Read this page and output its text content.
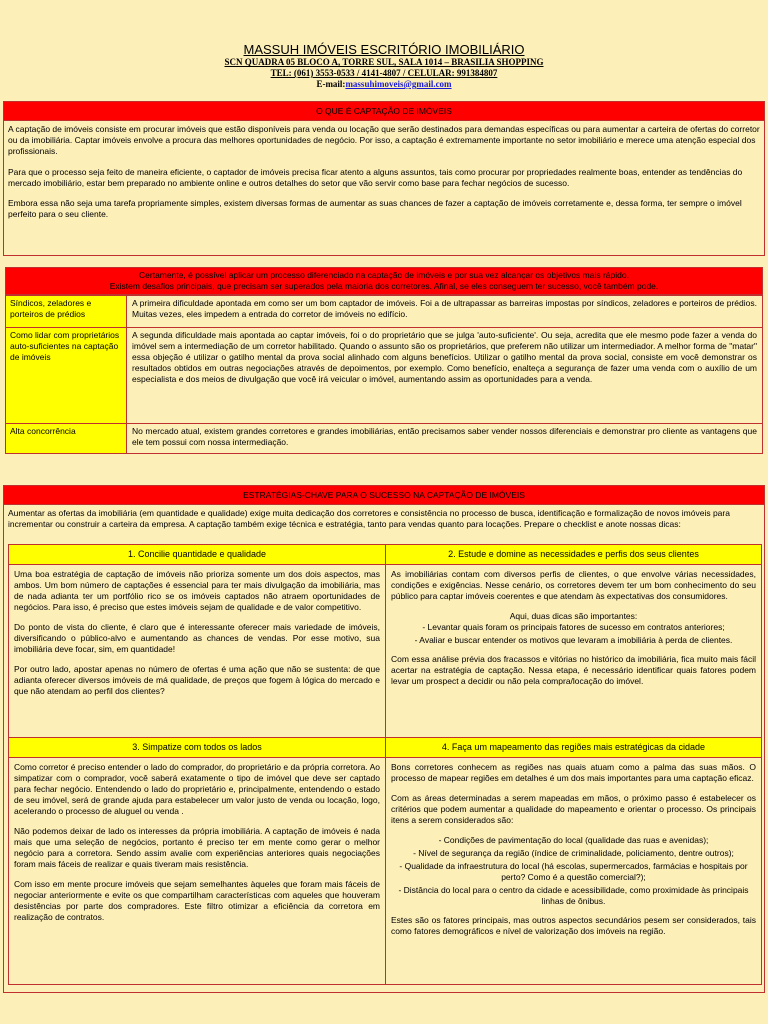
MASSUH IMÓVEIS ESCRITÓRIO IMOBILIÁRIO
SCN QUADRA 05 BLOCO A, TORRE SUL, SALA 1014 – BRASILIA SHOPPING
TEL: (061) 3553-0533 / 4141-4807 / CELULAR: 991384807
E-mail:massuhimoveis@gmail.com
O QUE É CAPTAÇÃO DE IMÓVEIS

A captação de imóveis consiste em procurar imóveis que estão disponíveis para venda ou locação que serão destinados para demandas específicas ou para aumentar a carteira de ofertas do corretor ou da imobiliária. Captar imóveis envolve a procura das melhores oportunidades de negócio. Por isso, a captação é extremamente importante no setor imobiliário e merece uma atenção especial dos profissionais.

Para que o processo seja feito de maneira eficiente, o captador de imóveis precisa ficar atento a alguns assuntos, tais como procurar por propriedades realmente boas, entender as tendências do mercado imobiliário, estar bem preparado no ambiente online e outros detalhes do setor que vão servir como base para fechar negócios de sucesso.

Embora essa não seja uma tarefa propriamente simples, existem diversas formas de aumentar as suas chances de fazer a captação de imóveis corretamente e, dessa forma, ter sempre o imóvel perfeito para o seu cliente.

Certamente, é possível aplicar um processo diferenciado na captação de imóveis e por sua vez alcançar os objetivos mais rápido.
Existem desafios principais, que precisam ser superados pela maioria dos corretores. Afinal, se eles conseguem ter sucesso, você também pode.
Síndicos, zeladores e porteiros de prédios
A primeira dificuldade apontada em como ser um bom captador de imóveis. Foi a de ultrapassar as barreiras impostas por síndicos, zeladores e porteiros de prédios. Muitas vezes, eles impedem a entrada do corretor de imóveis no edifício.
Como lidar com proprietários auto-suficientes na captação de imóveis
A segunda dificuldade mais apontada ao captar imóveis, foi o do proprietário que se julga 'auto-suficiente'. Ou seja, acredita que ele mesmo pode fazer a venda do imóvel sem a intermediação de um corretor habilitado. Quando o assunto são os proprietários, que preferem não utilizar um intermediador. A melhor forma de "matar" essa objeção é utilizar o gatilho mental da prova social alinhado com alguns benefícios. Utilizar o gatilho mental da prova social, consiste em você demonstrar os resultados obtidos em outras negociações através de depoimentos, por exemplo. Como benefício, enalteça a segurança de fazer uma venda com o auxílio de um especialista e dos meios de divulgação que você irá veicular o imóvel, aumentando assim as oportunidades para a venda.
Alta concorrência	No mercado atual, existem grandes corretores e grandes imobiliárias, então precisamos saber vender nossos diferenciais e demonstrar pro cliente as vantagens que ele tem possui com nossa intermediação.
ESTRATÉGIAS-CHAVE PARA O SUCESSO NA CAPTAÇÃO DE IMÓVEIS
Aumentar as ofertas da imobiliária (em quantidade e qualidade) exige muita dedicação dos corretores e consistência no processo de busca, identificação e formalização de novos imóveis para incrementar ou construir a carteira da empresa. A captação também exige técnica e estratégia, tanto para vendas quanto para locações. Prepare o checklist e anote nossas dicas:
1. Concilie quantidade e qualidade

Uma boa estratégia de captação de imóveis não prioriza somente um dos dois aspectos, mas ambos. Um bom número de captações é essencial para ter mais divulgação da imobiliária, mas de nada adianta ter um portfólio rico se os imóveis captados não atraem oportunidades de negócios. Para isso, é preciso que estes imóveis sejam de qualidade e de valor competitivo.

Do ponto de vista do cliente, é claro que é interessante oferecer mais variedade de imóveis, diversificando o público-alvo e aumentando as chances de vendas. Por esse motivo, sua imobiliária deve focar, sim, em quantidade!

Por outro lado, apostar apenas no número de ofertas é uma ação que não se sustenta: de que adianta oferecer diversos imóveis de má qualidade, de preços que fogem à lógica do mercado e que não atendam ao perfil dos clientes?

2. Estude e domine as necessidades e perfis dos seus clientes

As imobiliárias contam com diversos perfis de clientes, o que envolve várias necessidades, condições e exigências. Nesse cenário, os corretores devem ter um bom conhecimento do seu público para captar imóveis coerentes e que atendam às expectativas dos consumidores.

Aqui, duas dicas são importantes:
- Levantar quais foram os principais fatores de sucesso em contratos anteriores;
- Avaliar e buscar entender os motivos que levaram a imobiliária à perda de clientes.

Com essa análise prévia dos fracassos e vitórias no histórico da imobiliária, fica muito mais fácil acertar na estratégia de captação. Nessa etapa, é necessário identificar quais fatores podem levar um prospect a decidir ou não pela compra/locação do imóvel.

3. Simpatize com todos os lados

Como corretor é preciso entender o lado do comprador, do proprietário e da própria corretora. Ao simpatizar com o comprador, você saberá exatamente o tipo de imóvel que deve ser captado para fechar negócio. Entendendo o lado do proprietário e, principalmente, entendendo o estado de seu imóvel, será de grande ajuda para estabelecer um valor justo de venda ou locação, logo, acelerando o processo de aluguel ou venda .

Não podemos deixar de lado os interesses da própria imobiliária. A captação de imóveis é nada mais que uma seleção de negócios, portanto é preciso ter em mente como gerar o melhor negócio para a corretora. Sendo assim avalie com experiências anteriores quais negociações foram mais fáceis de realizar e quais tiveram mais resistência.

Com isso em mente procure imóveis que sejam semelhantes àqueles que foram mais fáceis de negociar anteriormente e evite os que compartilham características com aqueles que houveram desistências por parte dos compradores. Este filtro otimizar a eficiência da corretora em realização de contratos.

4. Faça um mapeamento das regiões mais estratégicas da cidade

Bons corretores conhecem as regiões nas quais atuam como a palma das suas mãos. O processo de mapear regiões em detalhes é um dos mais importantes para uma captação eficaz.

Com as áreas determinadas a serem mapeadas em mãos, o próximo passo é estabelecer os critérios que podem aumentar a qualidade do mapeamento e orientar o processo. Os principais itens a serem considerados são:

- Condições de pavimentação do local (qualidade das ruas e avenidas);
- Nível de segurança da região (índice de criminalidade, policiamento, dentre outros);
- Qualidade da infraestrutura do local (há escolas, supermercados, farmácias e hospitais por perto? Como é a questão comercial?);
- Distância do local para o centro da cidade e acessibilidade, como proximidade às principais linhas de ônibus.

Estes são os fatores principais, mas outros aspectos secundários pesem ser considerados, tais como fatores demográficos e nível de valorização dos imóveis na região.
